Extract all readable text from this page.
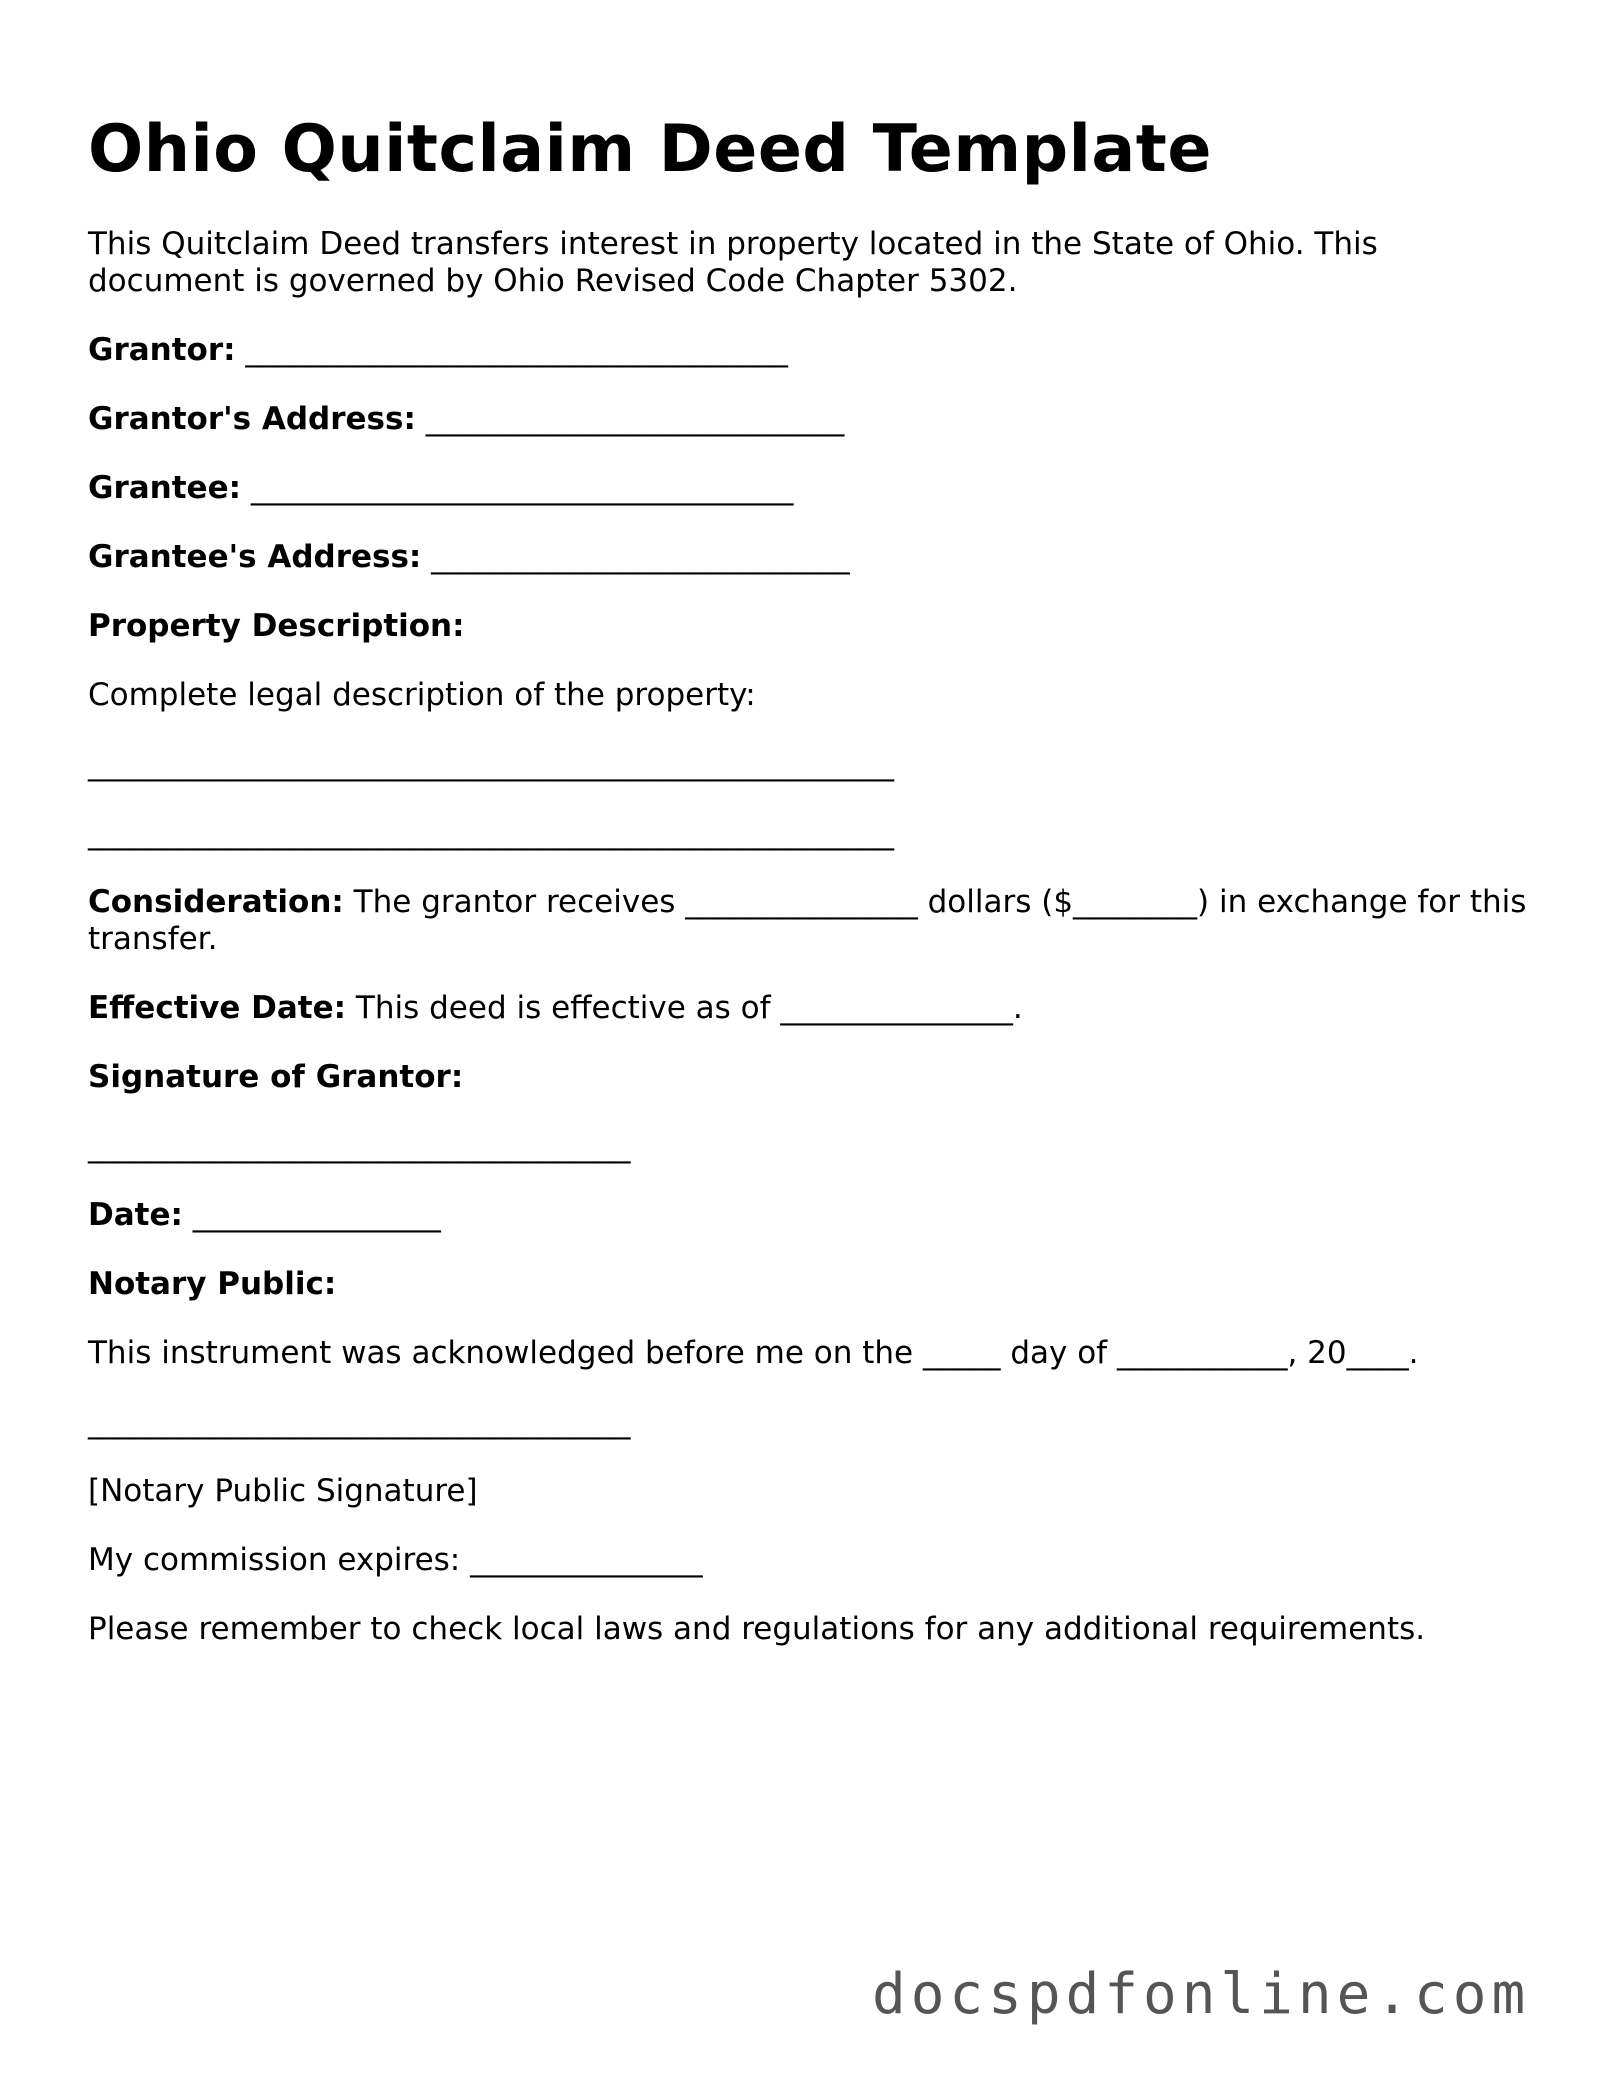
Ohio Quitclaim Deed Template

This Quitclaim Deed transfers interest in property located in the State of Ohio. This document is governed by Ohio Revised Code Chapter 5302.

Grantor: ___________________________________

Grantor's Address: ___________________________

Grantee: ___________________________________

Grantee's Address: ___________________________

Property Description:

Complete legal description of the property:

____________________________________________________

____________________________________________________

Consideration: The grantor receives _______________ dollars ($________) in exchange for this transfer.

Effective Date: This deed is effective as of _______________.

Signature of Grantor:

___________________________________

Date: ________________

Notary Public:

This instrument was acknowledged before me on the _____ day of ___________, 20____.

___________________________________

[Notary Public Signature]

My commission expires: _______________

Please remember to check local laws and regulations for any additional requirements.

docspdfonline.com
